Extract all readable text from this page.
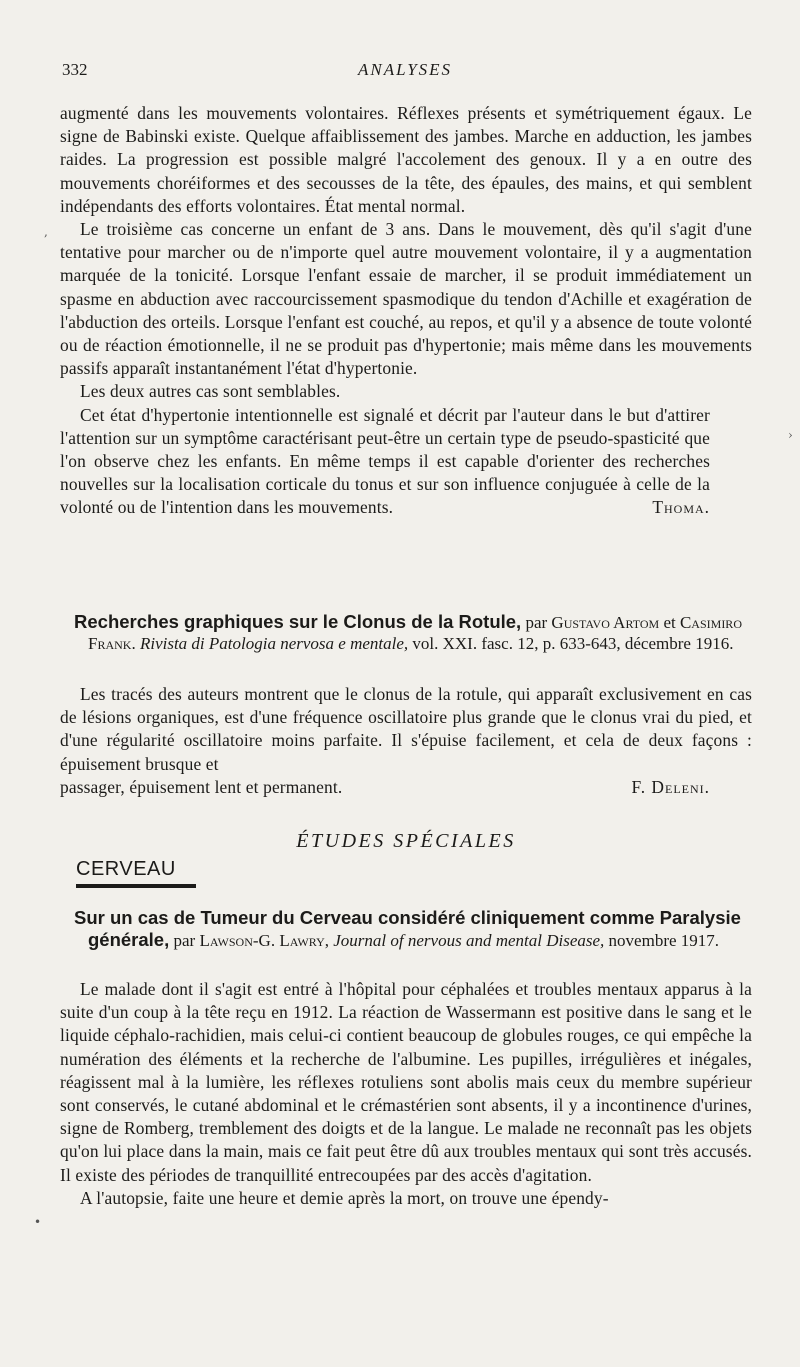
332	ANALYSES

augmenté dans les mouvements volontaires. Réflexes présents et symétriquement égaux. Le signe de Babinski existe. Quelque affaiblissement des jambes. Marche en adduction, les jambes raides. La progression est possible malgré l'accolement des genoux. Il y a en outre des mouvements choréiformes et des secousses de la tête, des épaules, des mains, et qui semblent indépendants des efforts volontaires. État mental normal.

Le troisième cas concerne un enfant de 3 ans. Dans le mouvement, dès qu'il s'agit d'une tentative pour marcher ou de n'importe quel autre mouvement volontaire, il y a augmentation marquée de la tonicité. Lorsque l'enfant essaie de marcher, il se produit immédiatement un spasme en abduction avec raccourcissement spasmodique du tendon d'Achille et exagération de l'abduction des orteils. Lorsque l'enfant est couché, au repos, et qu'il y a absence de toute volonté ou de réaction émotionnelle, il ne se produit pas d'hypertonie; mais même dans les mouvements passifs apparaît instantanément l'état d'hypertonie.

Les deux autres cas sont semblables.

Cet état d'hypertonie intentionnelle est signalé et décrit par l'auteur dans le but d'attirer l'attention sur un symptôme caractérisant peut-être un certain type de pseudo-spasticité que l'on observe chez les enfants. En même temps il est capable d'orienter des recherches nouvelles sur la localisation corticale du tonus et sur son influence conjuguée à celle de la volonté ou de l'intention dans les mouvements.	Thoma.

Recherches graphiques sur le Clonus de la Rotule, par Gustavo Artom et Casimiro Frank. Rivista di Patologia nervosa e mentale, vol. XXI. fasc. 12, p. 633-643, décembre 1916.

Les tracés des auteurs montrent que le clonus de la rotule, qui apparaît exclusivement en cas de lésions organiques, est d'une fréquence oscillatoire plus grande que le clonus vrai du pied, et d'une régularité oscillatoire moins parfaite. Il s'épuise facilement, et cela de deux façons : épuisement brusque et

passager, épuisement lent et permanent.	F. Deleni.

ÉTUDES SPÉCIALES
CERVEAU
Sur un cas de Tumeur du Cerveau considéré cliniquement comme Paralysie générale, par Lawson-G. Lawry, Journal of nervous and mental Disease, novembre 1917.

Le malade dont il s'agit est entré à l'hôpital pour céphalées et troubles mentaux apparus à la suite d'un coup à la tête reçu en 1912. La réaction de Wassermann est positive dans le sang et le liquide céphalo-rachidien, mais celui-ci contient beaucoup de globules rouges, ce qui empêche la numération des éléments et la recherche de l'albumine. Les pupilles, irrégulières et inégales, réagissent mal à la lumière, les réflexes rotuliens sont abolis mais ceux du membre supérieur sont conservés, le cutané abdominal et le crémastérien sont absents, il y a incontinence d'urines, signe de Romberg, tremblement des doigts et de la langue. Le malade ne reconnaît pas les objets qu'on lui place dans la main, mais ce fait peut être dû aux troubles mentaux qui sont très accusés. Il existe des périodes de tranquillité entrecoupées par des accès d'agitation.

A l'autopsie, faite une heure et demie après la mort, on trouve une épendy-

,
›
•
